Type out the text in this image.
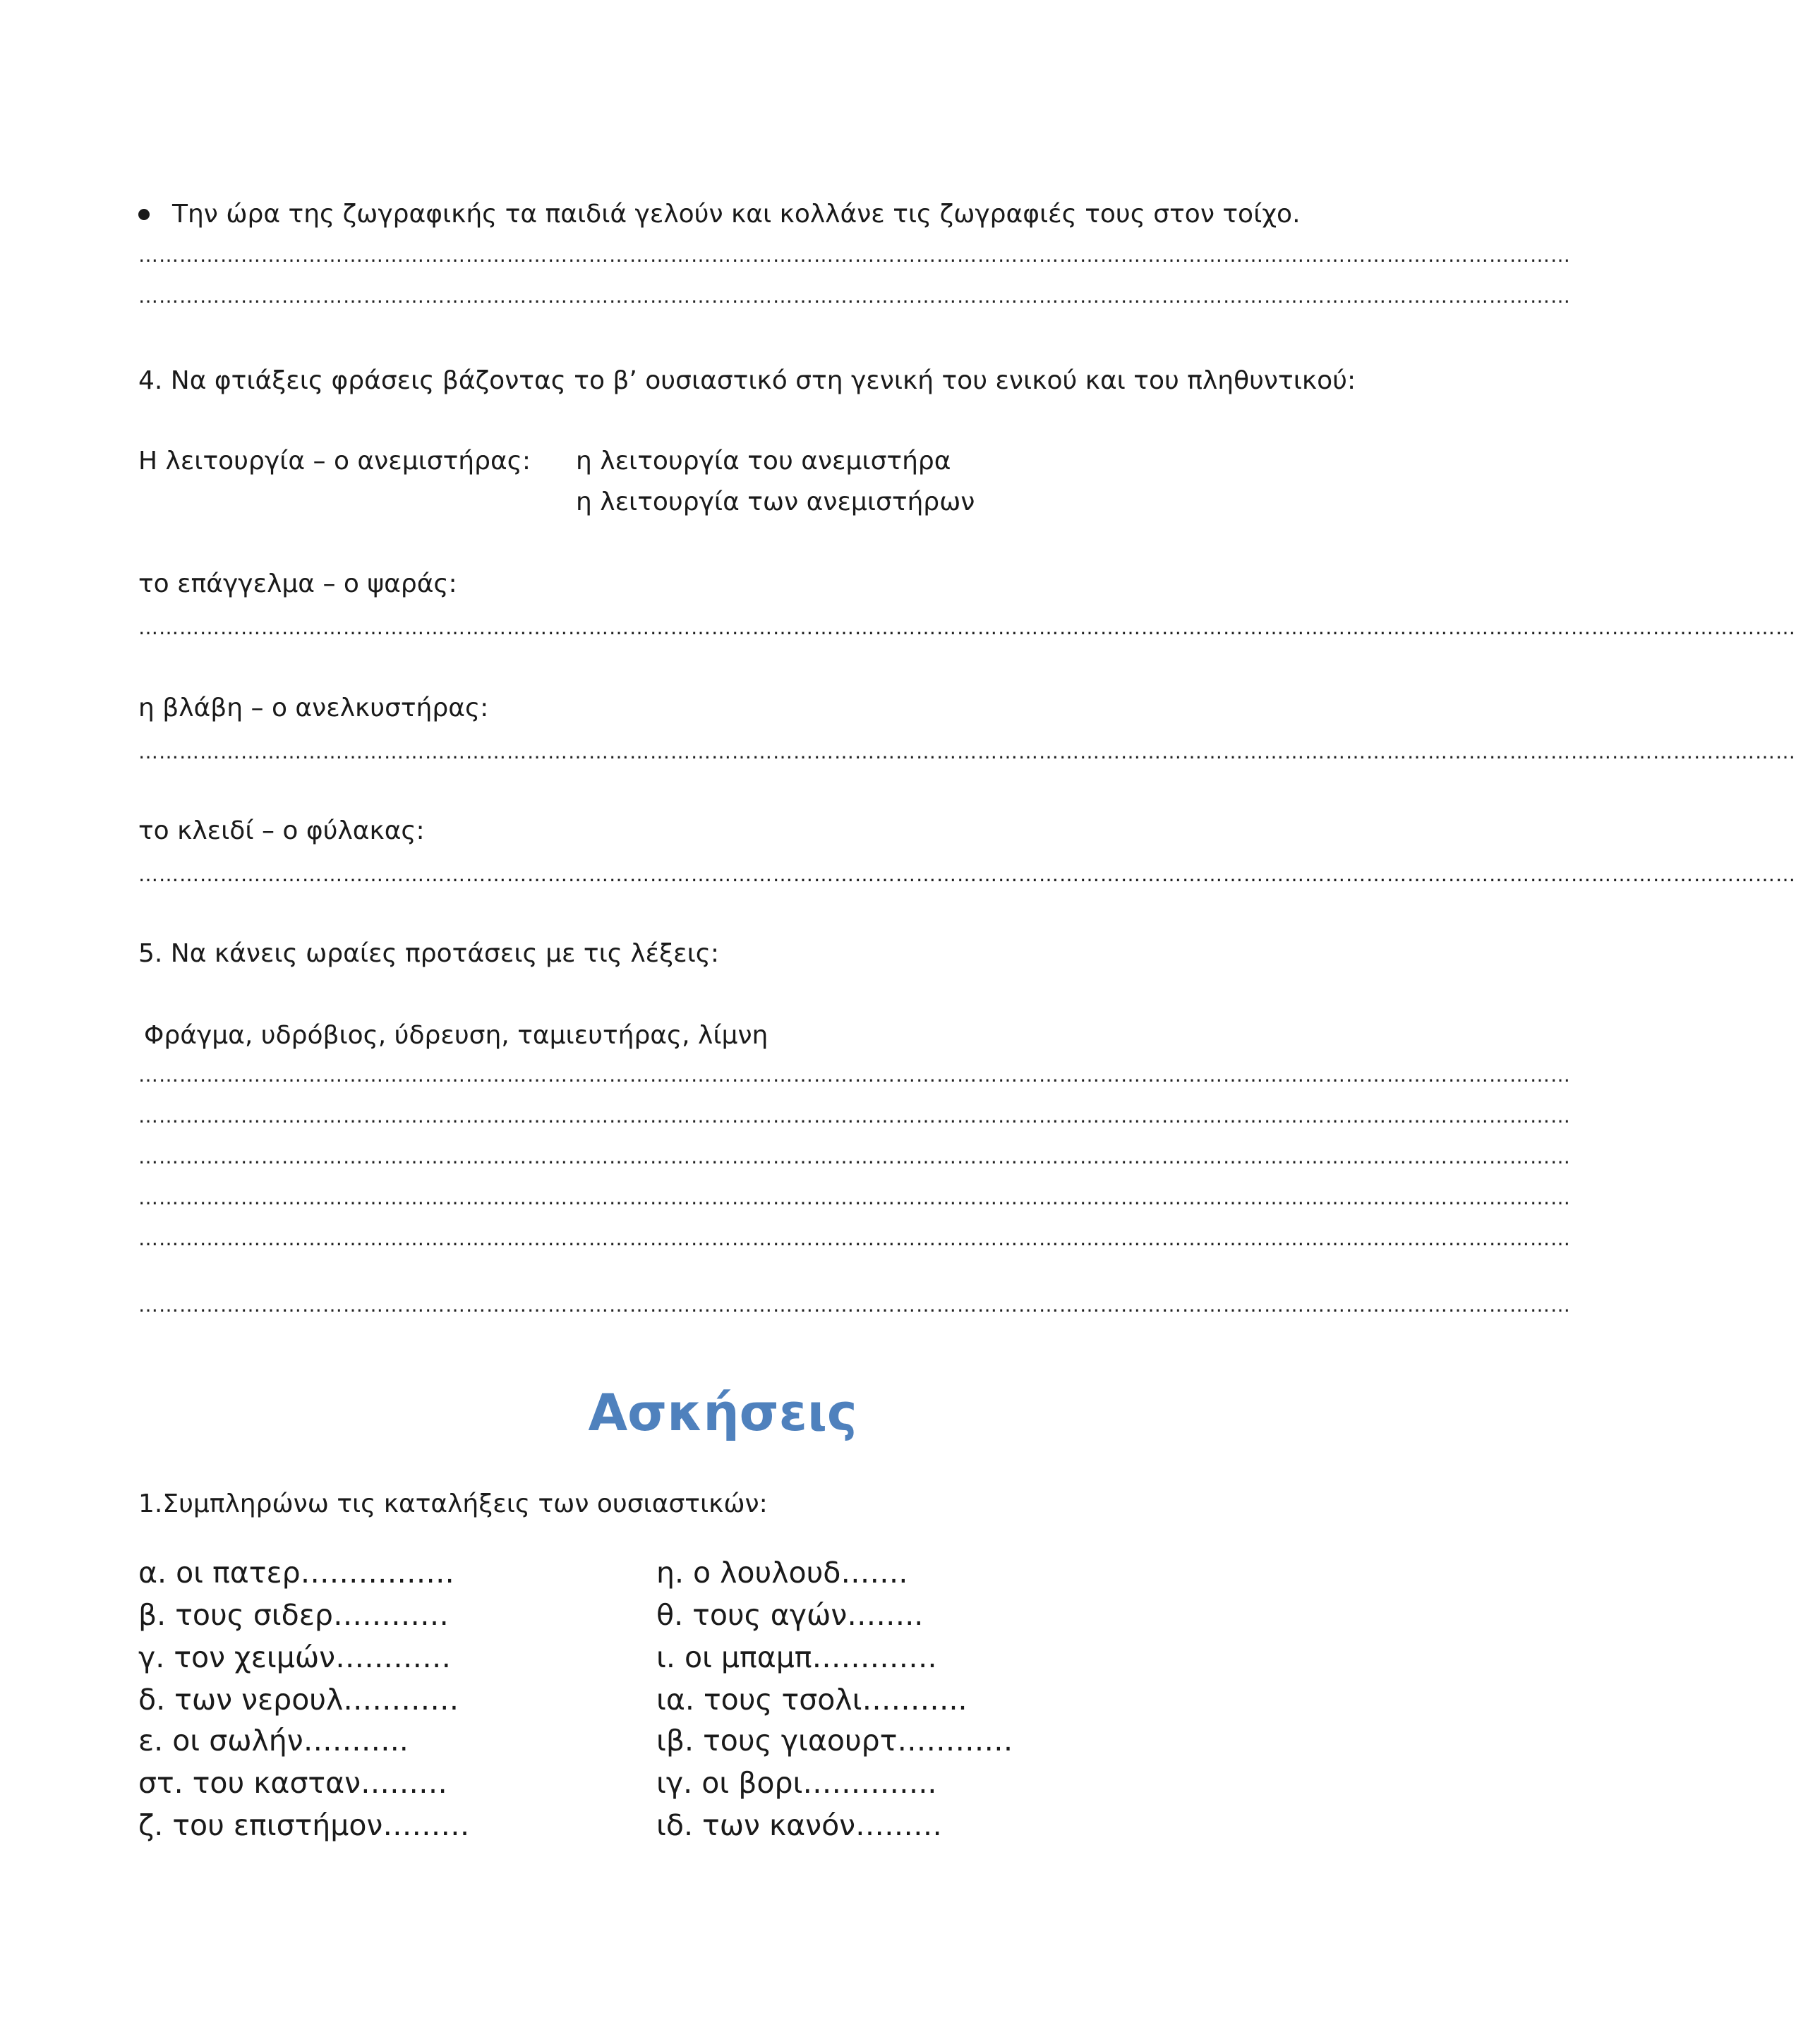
Την ώρα της ζωγραφικής τα παιδιά γελούν και κολλάνε τις ζωγραφιές τους στον τοίχο.
…………………………………………………………………………………………………………………………………………………………………………………………
…………………………………………………………………………………………………………………………………………………………………………………………
4. Να φτιάξεις φράσεις βάζοντας το β’ ουσιαστικό στη γενική του ενικού και του πληθυντικού:
Η λειτουργία – ο ανεμιστήρας: η λειτουργία του ανεμιστήρα
η λειτουργία των ανεμιστήρων
το επάγγελμα – ο ψαράς:
………………………………………………………………………………………………………………………………………………………………………………………………………………………
η βλάβη – ο ανελκυστήρας:
………………………………………………………………………………………………………………………………………………………………………………………………………………………
το κλειδί – ο φύλακας:
………………………………………………………………………………………………………………………………………………………………………………………………………………………
5. Να κάνεις ωραίες προτάσεις με τις λέξεις:
Φράγμα, υδρόβιος, ύδρευση, ταμιευτήρας, λίμνη
…………………………………………………………………………………………………………………………………………………………………………………………
…………………………………………………………………………………………………………………………………………………………………………………………
…………………………………………………………………………………………………………………………………………………………………………………………
…………………………………………………………………………………………………………………………………………………………………………………………
…………………………………………………………………………………………………………………………………………………………………………………………
…………………………………………………………………………………………………………………………………………………………………………………………
Ασκήσεις
1.Συμπληρώνω τις καταλήξεις των ουσιαστικών:
α. οι πατερ…………….
β. τους σιδερ…………
γ. τον χειμών…………
δ. των νερουλ…………
ε. οι σωλήν………..
στ. του κασταν………
ζ. του επιστήμον………
η. ο λουλουδ…….
θ. τους αγών……..
ι. οι μπαμπ………….
ια. τους τσολι………..
ιβ. τους γιαουρτ…………
ιγ. οι βορι…………..
ιδ. των κανόν………
